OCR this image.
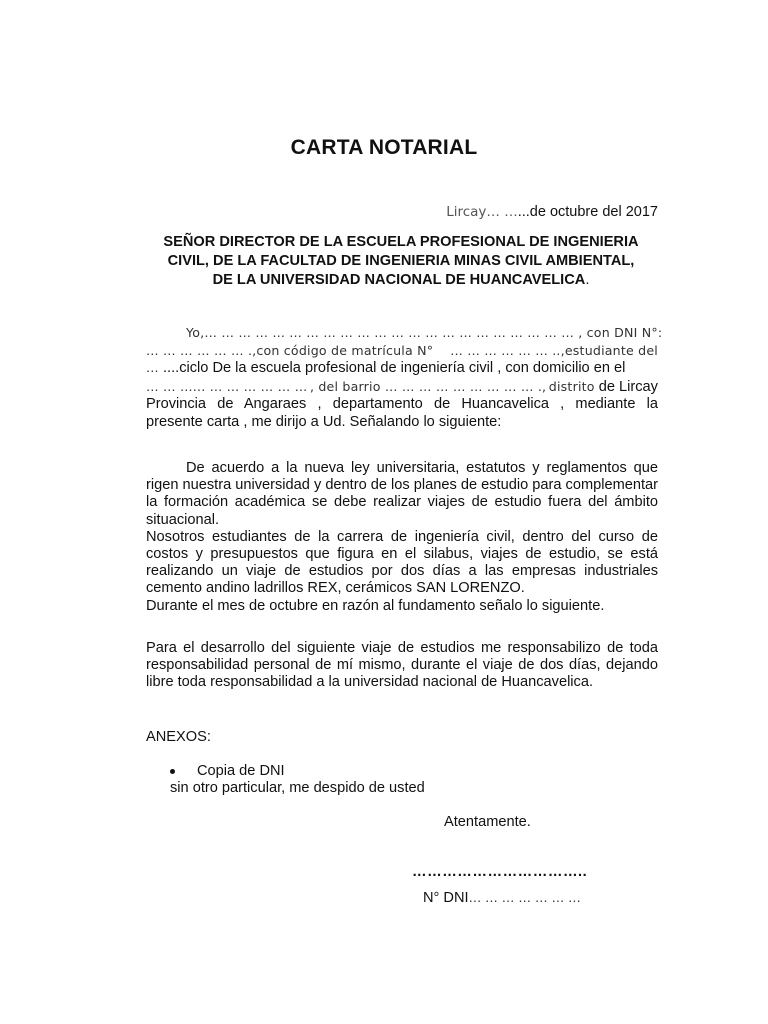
CARTA NOTARIAL
Lircay… …...de octubre del 2017
SEÑOR DIRECTOR DE LA ESCUELA PROFESIONAL DE INGENIERIA
CIVIL, DE LA FACULTAD DE INGENIERIA MINAS CIVIL AMBIENTAL,
DE LA UNIVERSIDAD NACIONAL DE HUANCAVELICA.
Yo,… … … … … … … … … … … … … … … … … … … … … … , con DNI N°:
… … … … … … .,con código de matrícula N° … … … … … … ..,estudiante del
… ....ciclo De la escuela profesional de ingeniería civil , con domicilio en el
… … …... … … … … … … , del barrio … … … … … … … … … ., distrito de Lircay
Provincia de Angaraes , departamento de Huancavelica , mediante la
presente carta , me dirijo a Ud. Señalando lo siguiente:
De acuerdo a la nueva ley universitaria, estatutos y reglamentos que rigen nuestra universidad y dentro de los planes de estudio para complementar la formación académica se debe realizar viajes de estudio fuera del ámbito situacional.
Nosotros estudiantes de la carrera de ingeniería civil, dentro del curso de costos y presupuestos que figura en el silabus, viajes de estudio, se está realizando un viaje de estudios por dos días a las empresas industriales cemento andino ladrillos REX, cerámicos SAN LORENZO.
Durante el mes de octubre en razón al fundamento señalo lo siguiente.
Para el desarrollo del siguiente viaje de estudios me responsabilizo de toda responsabilidad personal de mí mismo, durante el viaje de dos días, dejando libre toda responsabilidad a la universidad nacional de Huancavelica.
ANEXOS:
Copia de DNI
sin otro particular, me despido de usted
Atentamente.
……………………………..
N° DNI… … … … … … …
